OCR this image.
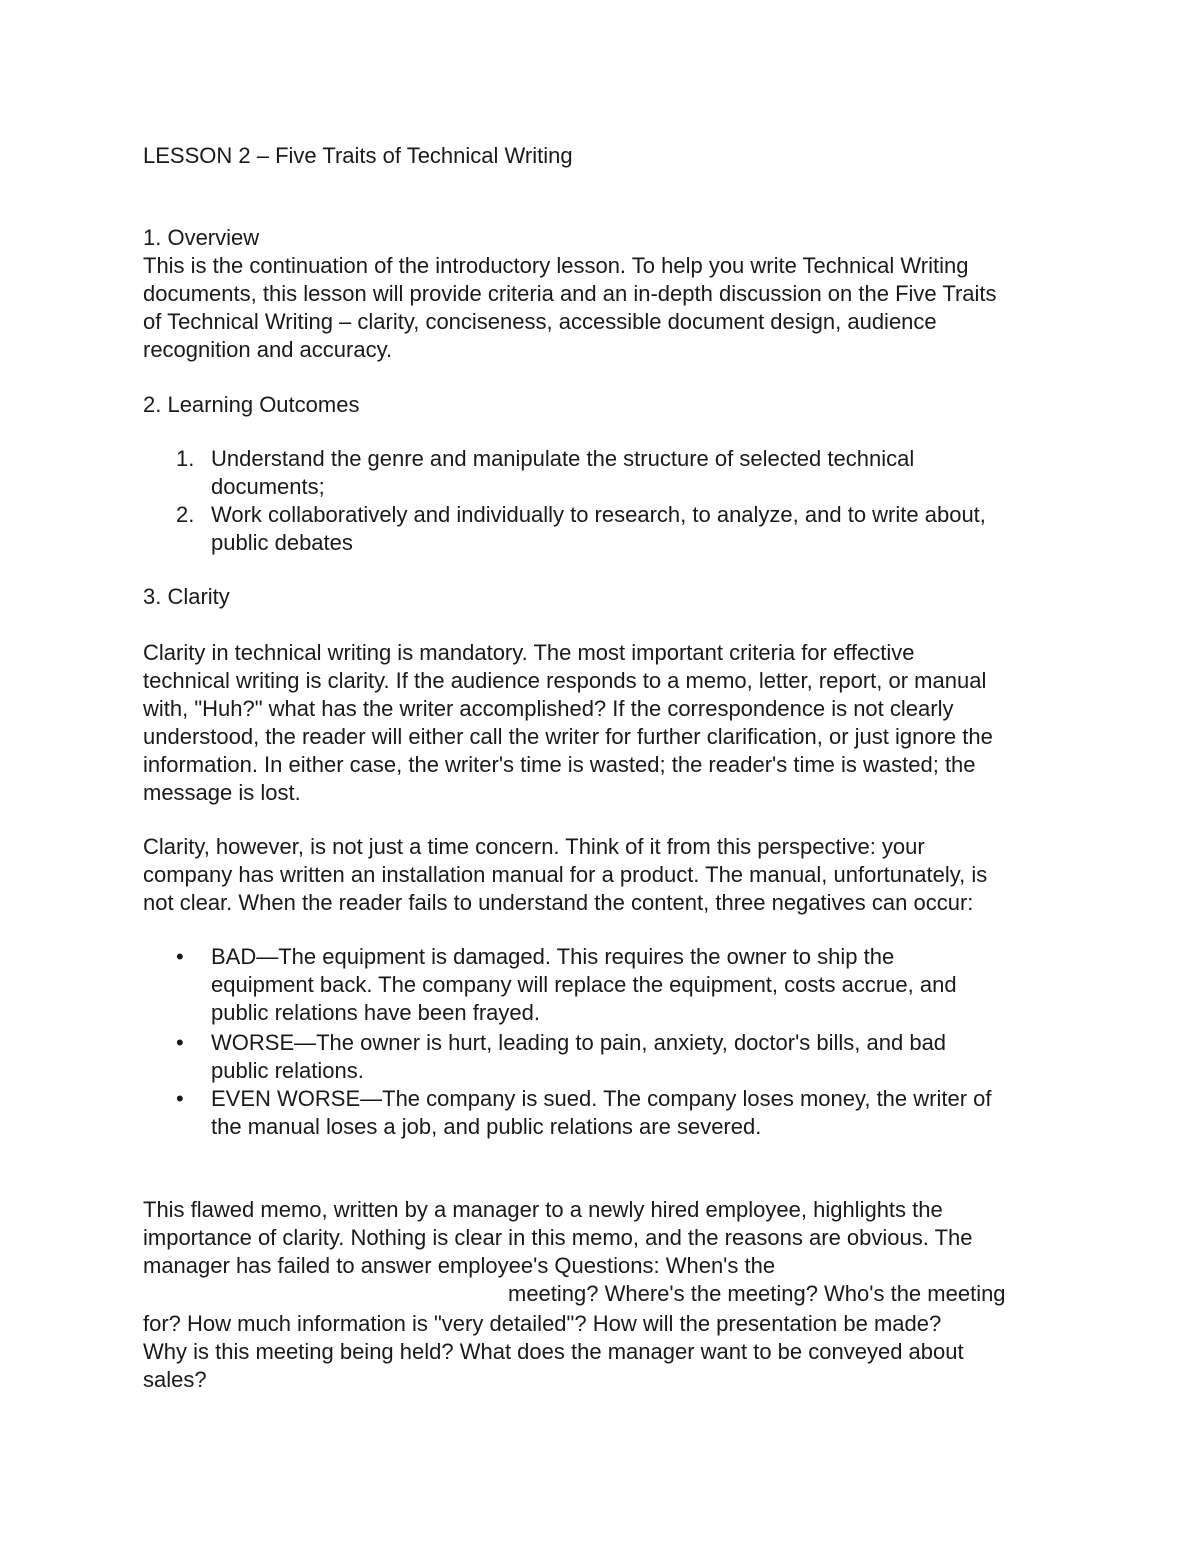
LESSON 2 – Five Traits of Technical Writing
1. Overview
This is the continuation of the introductory lesson. To help you write Technical Writing
documents, this lesson will provide criteria and an in-depth discussion on the Five Traits
of Technical Writing – clarity, conciseness, accessible document design, audience
recognition and accuracy.
2. Learning Outcomes
1. Understand the genre and manipulate the structure of selected technical
documents;
2. Work collaboratively and individually to research, to analyze, and to write about,
public debates
3. Clarity
Clarity in technical writing is mandatory. The most important criteria for effective
technical writing is clarity. If the audience responds to a memo, letter, report, or manual
with, "Huh?" what has the writer accomplished? If the correspondence is not clearly
understood, the reader will either call the writer for further clarification, or just ignore the
information. In either case, the writer's time is wasted; the reader's time is wasted; the
message is lost.
Clarity, however, is not just a time concern. Think of it from this perspective: your
company has written an installation manual for a product. The manual, unfortunately, is
not clear. When the reader fails to understand the content, three negatives can occur:
• BAD—The equipment is damaged. This requires the owner to ship the
equipment back. The company will replace the equipment, costs accrue, and
public relations have been frayed.
• WORSE—The owner is hurt, leading to pain, anxiety, doctor's bills, and bad
public relations.
• EVEN WORSE—The company is sued. The company loses money, the writer of
the manual loses a job, and public relations are severed.
This flawed memo, written by a manager to a newly hired employee, highlights the
importance of clarity. Nothing is clear in this memo, and the reasons are obvious. The
manager has failed to answer employee's Questions: When's the
meeting? Where's the meeting? Who's the meeting
for? How much information is "very detailed"? How will the presentation be made?
Why is this meeting being held? What does the manager want to be conveyed about
sales?
